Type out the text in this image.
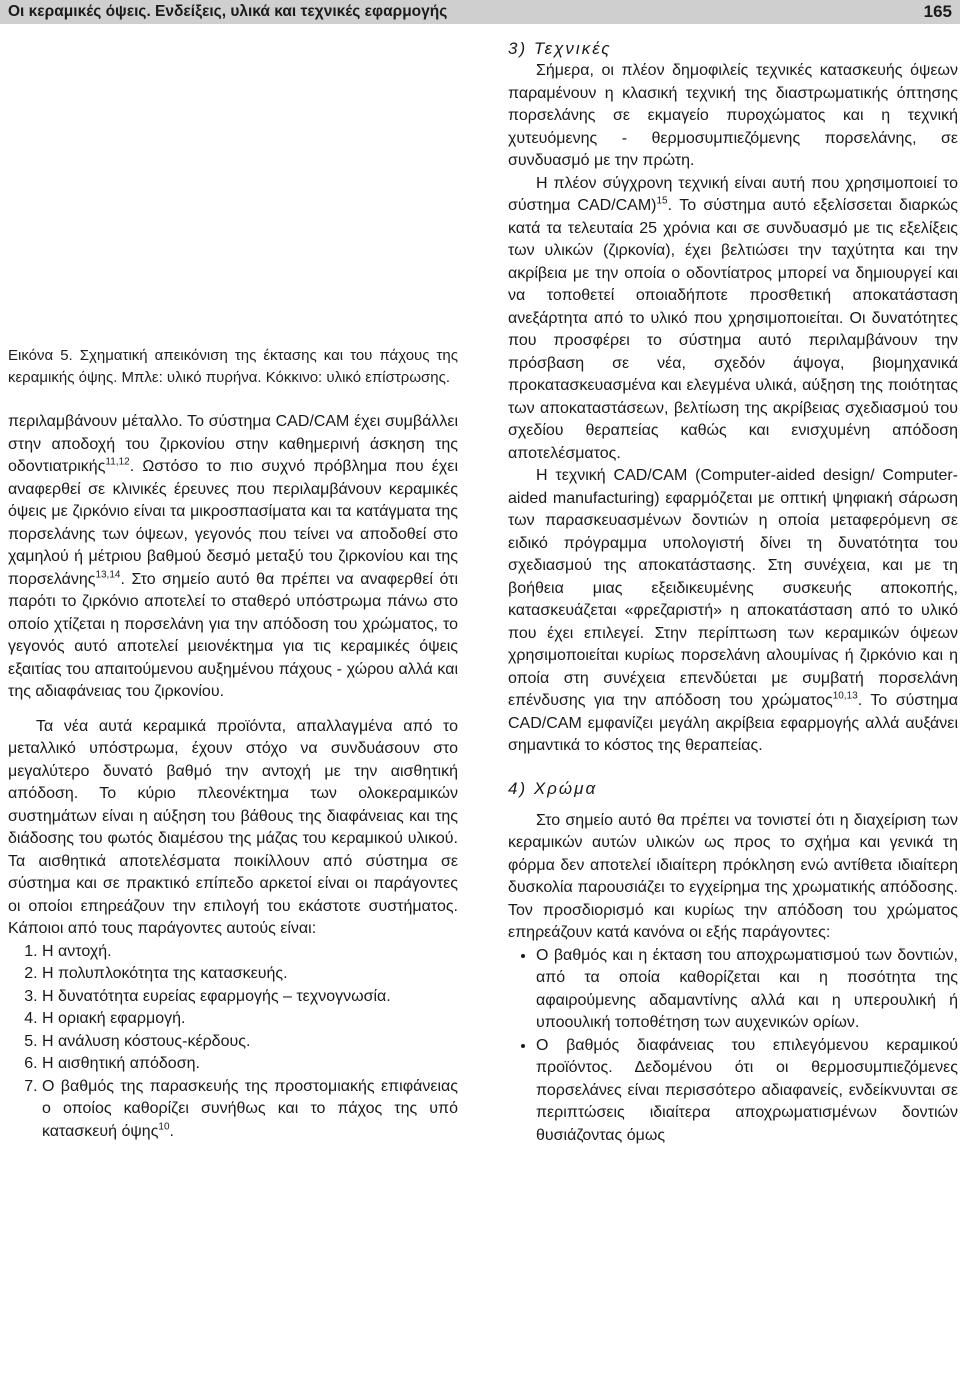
Οι κεραμικές όψεις. Ενδείξεις, υλικά και τεχνικές εφαρμογής	165
Εικόνα 5. Σχηματική απεικόνιση της έκτασης και του πάχους της κεραμικής όψης. Μπλε: υλικό πυρήνα. Κόκκινο: υλικό επίστρωσης.

περιλαμβάνουν μέταλλο. Το σύστημα CAD/CAM έχει συμβάλλει στην αποδοχή του ζιρκονίου στην καθημερινή άσκηση της οδοντιατρικής$^{11,12}$. Ωστόσο το πιο συχνό πρόβλημα που έχει αναφερθεί σε κλινικές έρευνες που περιλαμβάνουν κεραμικές όψεις με ζιρκόνιο είναι τα μικροσπασίματα και τα κατάγματα της πορσελάνης των όψεων, γεγονός που τείνει να αποδοθεί στο χαμηλού ή μέτριου βαθμού δεσμό μεταξύ του ζιρκονίου και της πορσελάνης$^{13,14}$. Στο σημείο αυτό θα πρέπει να αναφερθεί ότι παρότι το ζιρκόνιο αποτελεί το σταθερό υπόστρωμα πάνω στο οποίο χτίζεται η πορσελάνη για την απόδοση του χρώματος, το γεγονός αυτό αποτελεί μειονέκτημα για τις κεραμικές όψεις εξαιτίας του απαιτούμενου αυξημένου πάχους - χώρου αλλά και της αδιαφάνειας του ζιρκονίου.

Τα νέα αυτά κεραμικά προϊόντα, απαλλαγμένα από το μεταλλικό υπόστρωμα, έχουν στόχο να συνδυάσουν στο μεγαλύτερο δυνατό βαθμό την αντοχή με την αισθητική απόδοση. Το κύριο πλεονέκτημα των ολοκεραμικών συστημάτων είναι η αύξηση του βάθους της διαφάνειας και της διάδοσης του φωτός διαμέσου της μάζας του κεραμικού υλικού. Τα αισθητικά αποτελέσματα ποικίλλουν από σύστημα σε σύστημα και σε πρακτικό επίπεδο αρκετοί είναι οι παράγοντες οι οποίοι επηρεάζουν την επιλογή του εκάστοτε συστήματος. Κάποιοι από τους παράγοντες αυτούς είναι:

1. Η αντοχή.
2. Η πολυπλοκότητα της κατασκευής.
3. Η δυνατότητα ευρείας εφαρμογής – τεχνογνωσία.
4. Η οριακή εφαρμογή.
5. Η ανάλυση κόστους-κέρδους.
6. Η αισθητική απόδοση.
7. Ο βαθμός της παρασκευής της προστομιακής επιφάνειας ο οποίος καθορίζει συνήθως και το πάχος της υπό κατασκευή όψης$^{10}$.
3) Τεχνικές

Σήμερα, οι πλέον δημοφιλείς τεχνικές κατασκευής όψεων παραμένουν η κλασική τεχνική της διαστρωματικής όπτησης πορσελάνης σε εκμαγείο πυροχώματος και η τεχνική χυτευόμενης - θερμοσυμπιεζόμενης πορσελάνης, σε συνδυασμό με την πρώτη.

Η πλέον σύγχρονη τεχνική είναι αυτή που χρησιμοποιεί το σύστημα CAD/CAM)$^{15}$. Το σύστημα αυτό εξελίσσεται διαρκώς κατά τα τελευταία 25 χρόνια και σε συνδυασμό με τις εξελίξεις των υλικών (ζιρκονία), έχει βελτιώσει την ταχύτητα και την ακρίβεια με την οποία ο οδοντίατρος μπορεί να δημιουργεί και να τοποθετεί οποιαδήποτε προσθετική αποκατάσταση ανεξάρτητα από το υλικό που χρησιμοποιείται. Οι δυνατότητες που προσφέρει το σύστημα αυτό περιλαμβάνουν την πρόσβαση σε νέα, σχεδόν άψογα, βιομηχανικά προκατασκευασμένα και ελεγμένα υλικά, αύξηση της ποιότητας των αποκαταστάσεων, βελτίωση της ακρίβειας σχεδιασμού του σχεδίου θεραπείας καθώς και ενισχυμένη απόδοση αποτελέσματος.

Η τεχνική CAD/CAM (Computer-aided design/ Computer-aided manufacturing) εφαρμόζεται με οπτική ψηφιακή σάρωση των παρασκευασμένων δοντιών η οποία μεταφερόμενη σε ειδικό πρόγραμμα υπολογιστή δίνει τη δυνατότητα του σχεδιασμού της αποκατάστασης. Στη συνέχεια, και με τη βοήθεια μιας εξειδικευμένης συσκευής αποκοπής, κατασκευάζεται «φρεζαριστή» η αποκατάσταση από το υλικό που έχει επιλεγεί. Στην περίπτωση των κεραμικών όψεων χρησιμοποιείται κυρίως πορσελάνη αλουμίνας ή ζιρκόνιο και η οποία στη συνέχεια επενδύεται με συμβατή πορσελάνη επένδυσης για την απόδοση του χρώματος$^{10,13}$. Το σύστημα CAD/CAM εμφανίζει μεγάλη ακρίβεια εφαρμογής αλλά αυξάνει σημαντικά το κόστος της θεραπείας.

4) Χρώμα

Στο σημείο αυτό θα πρέπει να τονιστεί ότι η διαχείριση των κεραμικών αυτών υλικών ως προς το σχήμα και γενικά τη φόρμα δεν αποτελεί ιδιαίτερη πρόκληση ενώ αντίθετα ιδιαίτερη δυσκολία παρουσιάζει το εγχείρημα της χρωματικής απόδοσης. Τον προσδιορισμό και κυρίως την απόδοση του χρώματος επηρεάζουν κατά κανόνα οι εξής παράγοντες:

• Ο βαθμός και η έκταση του αποχρωματισμού των δοντιών, από τα οποία καθορίζεται και η ποσότητα της αφαιρούμενης αδαμαντίνης αλλά και η υπερουλική ή υποουλική τοποθέτηση των αυχενικών ορίων.
• Ο βαθμός διαφάνειας του επιλεγόμενου κεραμικού προϊόντος. Δεδομένου ότι οι θερμοσυμπιεζόμενες πορσελάνες είναι περισσότερο αδιαφανείς, ενδείκνυνται σε περιπτώσεις ιδιαίτερα αποχρωματισμένων δοντιών θυσιάζοντας όμως
